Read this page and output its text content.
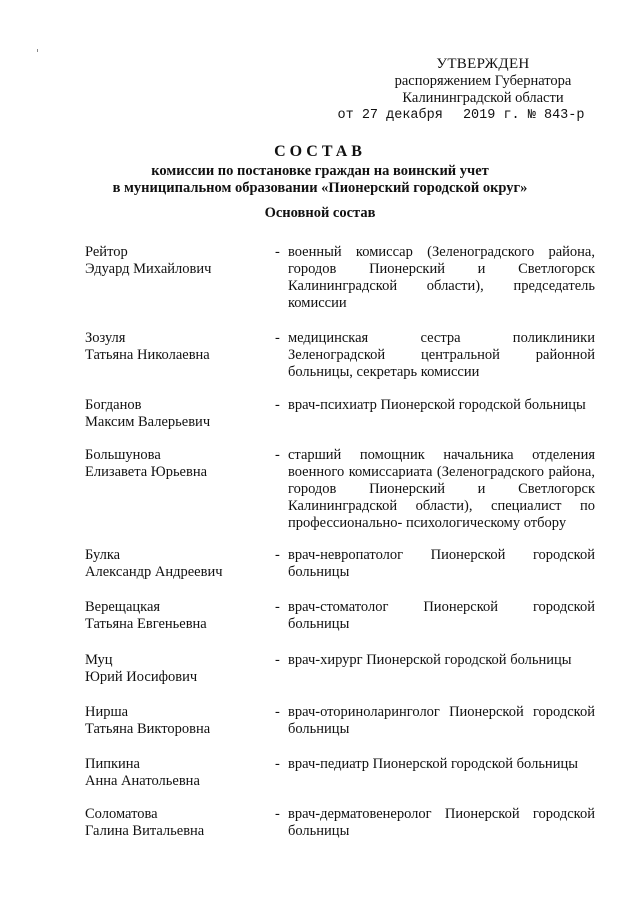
УТВЕРЖДЕН
распоряжением Губернатора
Калининградской области
от 27 декабря 2019 г. № 843-р
СОСТАВ
комиссии по постановке граждан на воинский учет
в муниципальном образовании «Пионерский городской округ»
Основной состав
Рейтор
Эдуард Михайлович
- военный комиссар (Зеленоградского района, городов Пионерский и Светлогорск Калининградской области), председатель комиссии
Зозуля
Татьяна Николаевна
- медицинская сестра поликлиники Зеленоградской центральной районной больницы, секретарь комиссии
Богданов
Максим Валерьевич
- врач-психиатр Пионерской городской больницы
Большунова
Елизавета Юрьевна
- старший помощник начальника отделения военного комиссариата (Зеленоградского района, городов Пионерский и Светлогорск Калининградской области), специалист по профессионально- психологическому отбору
Булка
Александр Андреевич
- врач-невропатолог Пионерской городской больницы
Верещацкая
Татьяна Евгеньевна
- врач-стоматолог Пионерской городской больницы
Муц
Юрий Иосифович
- врач-хирург Пионерской городской больницы
Нирша
Татьяна Викторовна
- врач-оториноларинголог Пионерской городской больницы
Пипкина
Анна Анатольевна
- врач-педиатр Пионерской городской больницы
Соломатова
Галина Витальевна
- врач-дерматовенеролог Пионерской городской больницы
